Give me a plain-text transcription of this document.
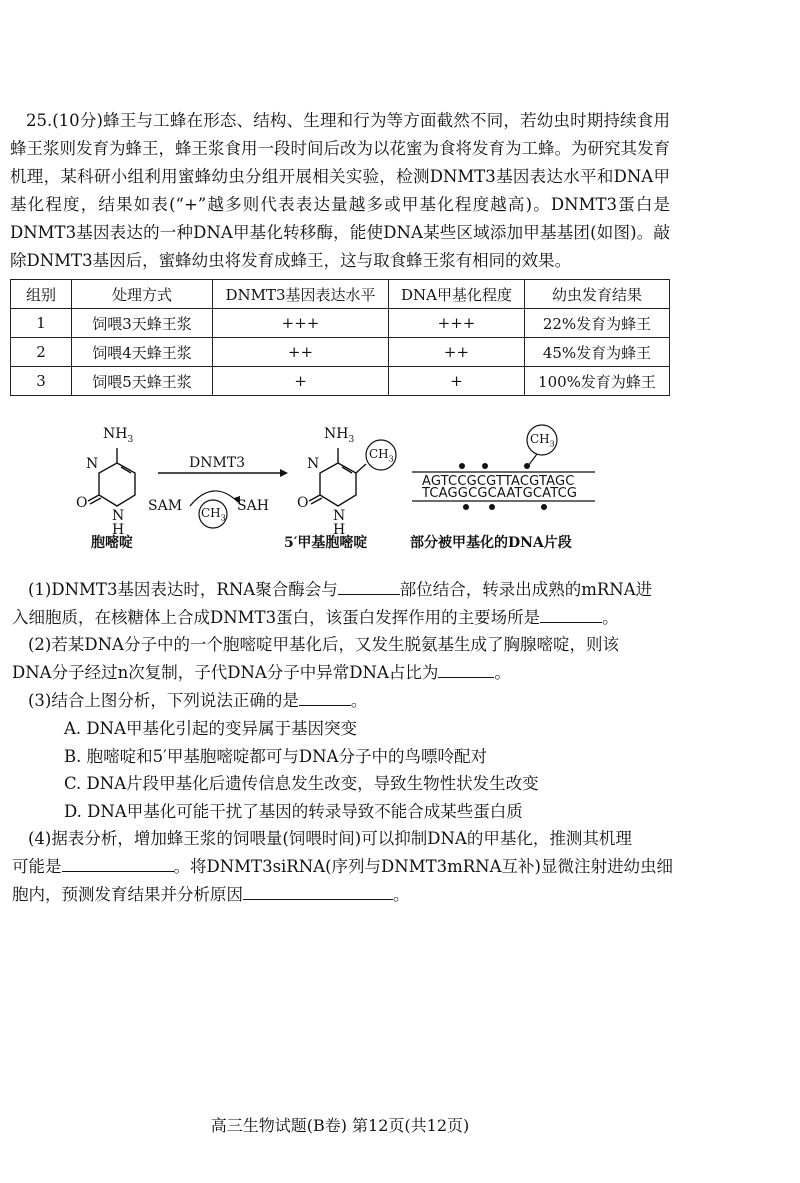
25.(10分)蜂王与工蜂在形态、结构、生理和行为等方面截然不同，若幼虫时期持续食用蜂王浆则发育为蜂王，蜂王浆食用一段时间后改为以花蜜为食将发育为工蜂。为研究其发育机理，某科研小组利用蜜蜂幼虫分组开展相关实验，检测DNMT3基因表达水平和DNA甲基化程度，结果如表(“+”越多则代表表达量越多或甲基化程度越高)。DNMT3蛋白是DNMT3基因表达的一种DNA甲基化转移酶，能使DNA某些区域添加甲基基团(如图)。敲除DNMT3基因后，蜜蜂幼虫将发育成蜂王，这与取食蜂王浆有相同的效果。
组别	处理方式	DNMT3基因表达水平	DNA甲基化程度	幼虫发育结果
1	饲喂3天蜂王浆	+++	+++	22%发育为蜂王
2	饲喂4天蜂王浆	++	++	45%发育为蜂王
3	饲喂5天蜂王浆	+	+	100%发育为蜂王
$NH_3$
N
O
N
H
胞嘧啶
DNMT3
SAM	SAH
$CH_3$
$NH_3$
N
O
N
H
$CH_3$
5′甲基胞嘧啶
$CH_3$
AGTCCGCGTTACGTAGC
TCAGGCGCAATGCATCG
部分被甲基化的DNA片段
(1)DNMT3基因表达时，RNA聚合酶会与	部位结合，转录出成熟的mRNA进
入细胞质，在核糖体上合成DNMT3蛋白，该蛋白发挥作用的主要场所是	。
(2)若某DNA分子中的一个胞嘧啶甲基化后，又发生脱氨基生成了胸腺嘧啶，则该
DNA分子经过n次复制，子代DNA分子中异常DNA占比为	。
(3)结合上图分析，下列说法正确的是	。
A. DNA甲基化引起的变异属于基因突变
B. 胞嘧啶和5′甲基胞嘧啶都可与DNA分子中的鸟嘌呤配对
C. DNA片段甲基化后遗传信息发生改变，导致生物性状发生改变
D. DNA甲基化可能干扰了基因的转录导致不能合成某些蛋白质
(4)据表分析，增加蜂王浆的饲喂量(饲喂时间)可以抑制DNA的甲基化，推测其机理
可能是	。将DNMT3siRNA(序列与DNMT3mRNA互补)显微注射进幼虫细
胞内，预测发育结果并分析原因	。
高三生物试题(B卷) 第12页(共12页)
